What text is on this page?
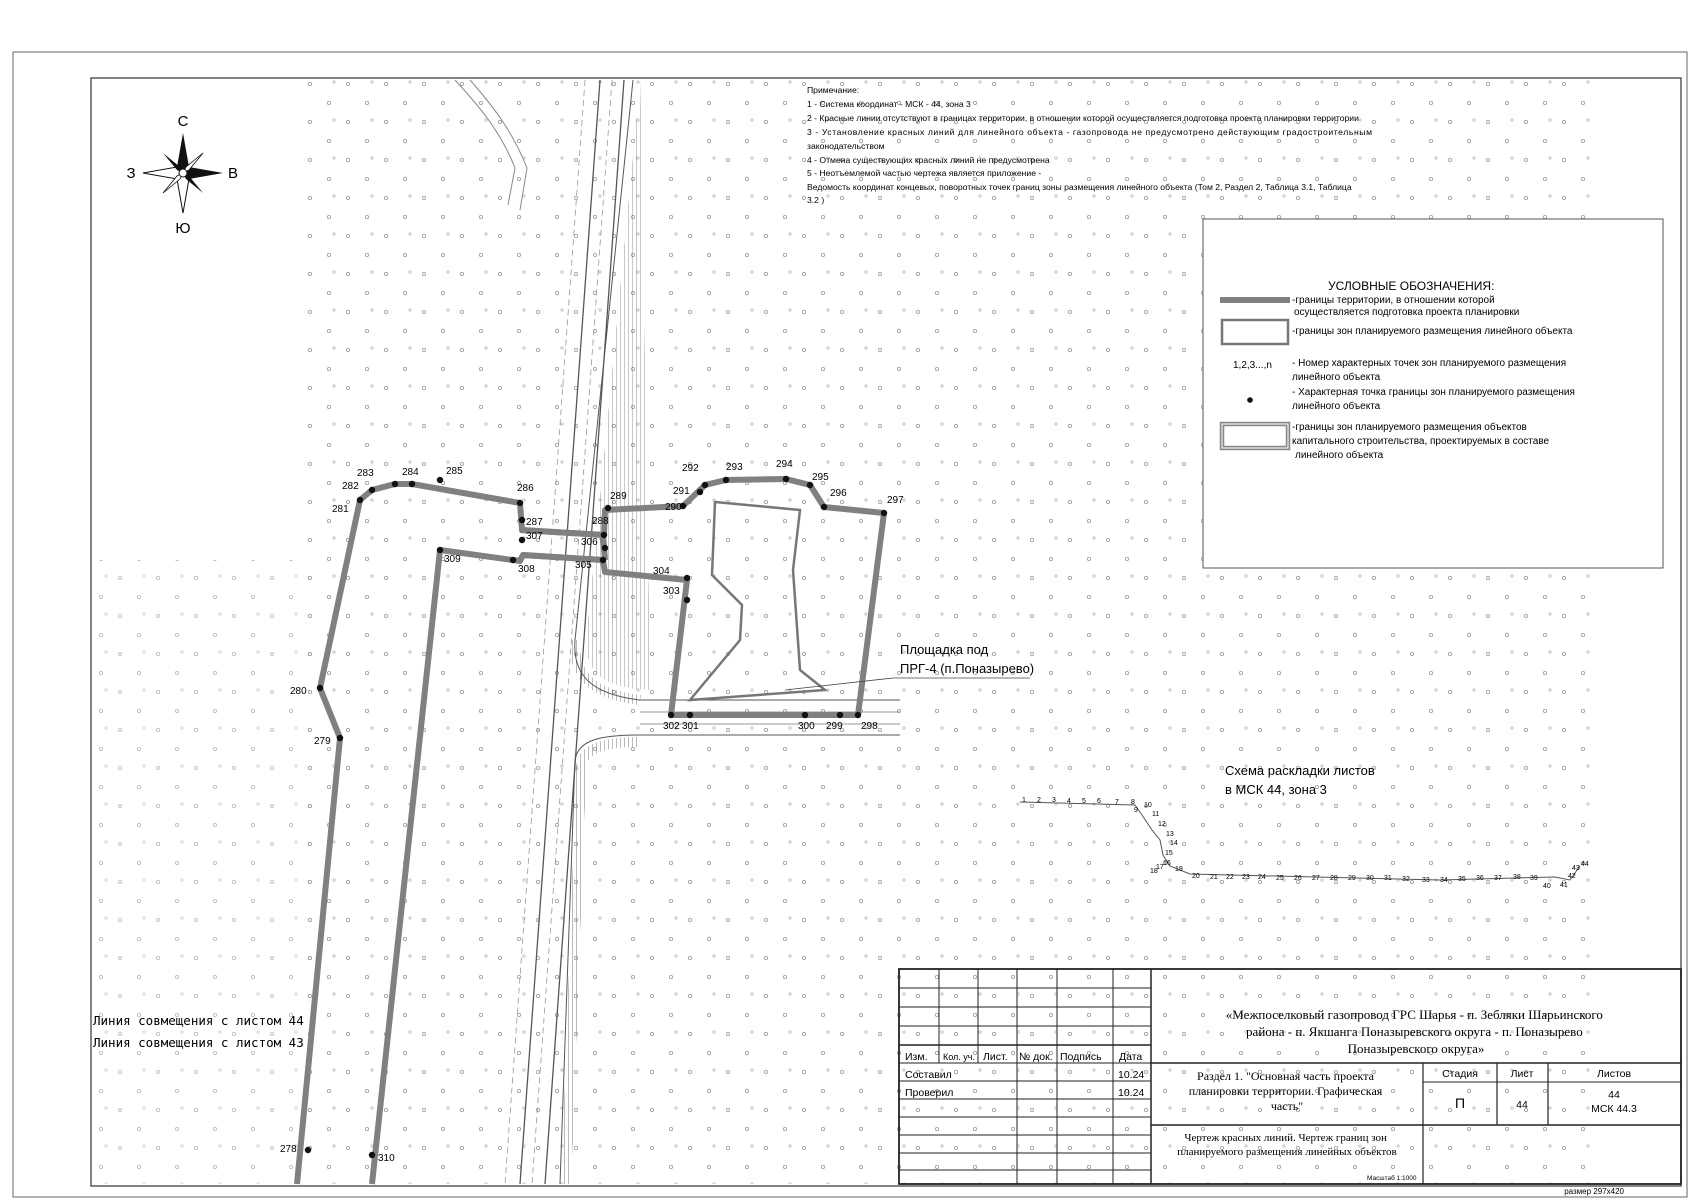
278
279
280
281
282
283	284	285
286
287	288
289
290
291
292	293	294
295
296
297
298
299
300
301
302
303
304
305
306
307
308
309
310
С
Ю
З	В
Примечание:
1 - Система координат - МСК - 44, зона 3
2 - Красные линии отсутствуют в границах территории, в отношении которой осуществляется подготовка проекта планировки территории
3 - Установление красных линий для линейного объекта - газопровода не предусмотрено действующим градостроительным
законодательством
4 - Отмена существующих красных линий не предусмотрена
5 - Неотъемлемой частью чертежа является приложение -
Ведомость координат концевых, поворотных точек границ зоны размещения линейного объекта (Том 2, Раздел 2, Таблица 3.1, Таблица
3.2 )
УСЛОВНЫЕ ОБОЗНАЧЕНИЯ:
-границы территории, в отношении которой
осуществляется подготовка проекта планировки
-границы зон планируемого размещения линейного объекта
1,2,3...,n - Номер характерных точек зон планируемого размещения
линейного объекта
- Характерная точка границы зон планируемого размещения
линейного объекта
-границы зон планируемого размещения объектов
капитального строительства, проектируемых в составе
линейного объекта
Площадка под
ПРГ-4 (п.Поназырево)
Схема раскладки листов
в МСК 44, зона 3
1 2 3 4 5 6 7 8
9
10
11
12
13
14
15
16
17
18 19
20 21 22 23 24 25 26 27 28 29 30 31 32 33 34 35 36 37 38 39
40 41
42
43
44
Линия совмещения с листом 44
Линия совмещения с листом 43
Изм. Кол. уч. Лист. № док. Подпись Дата
Составил	10.24
Проверил	10.24
«Межпоселковый газопровод ГРС Шарья - п. Зебляки Шарьинского района - п. Якшанга Поназыревского округа - п. Поназырево Поназыревского округа»
Раздел 1. "Основная часть проекта планировки территории. Графическая часть"
Чертеж красных линий. Чертеж границ зон планируемого размещения линейных объектов
Масштаб 1:1000
Стадия	Лист	Листов
П	44
44
МСК 44.3
размер 297х420
